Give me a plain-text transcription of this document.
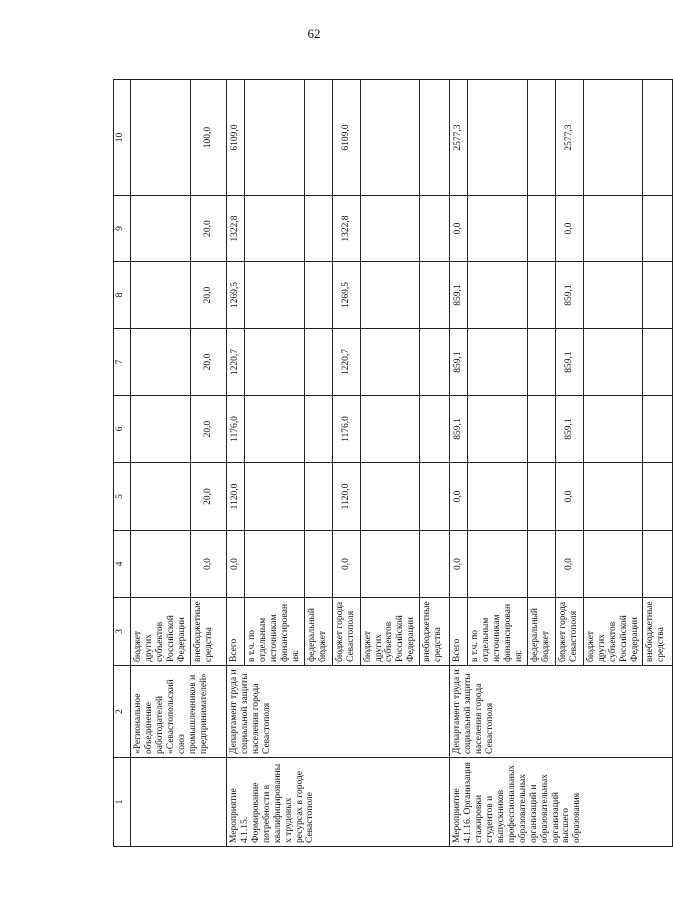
62
1	2	3	4	5	6	7	8	9	10
	«Региональное объединение работодателей «Севастопольский союз промышленников и предпринимателей»	бюджет других субъектов Российской Федерации							
		внебюджетные средства	0,0	20,0	20,0	20,0	20,0	20,0	100,0
Мероприятие 4.1.15. Формирование потребности в квалифицированных трудовых ресурсах в городе Севастополе	Департамент труда и социальной защиты населения города Севастополя	Всего	0,0	1120,0	1176,0	1220,7	1269,5	1322,8	6109,0
		в т.ч. по отдельным источникам финансирования:							
		федеральный бюджет							
		бюджет города Севастополя	0,0	1120,0	1176,0	1220,7	1269,5	1322,8	6109,0
		бюджет других субъектов Российской Федерации							
		внебюджетные средства							
Мероприятие 4.1.16. Организация стажировки студентов и выпускников профессиональных образовательных организаций и образовательных организаций высшего образования	Департамент труда и социальной защиты населения города Севастополя	Всего	0,0	0,0	859,1	859,1	859,1	0,0	2577,3
		в т.ч. по отдельным источникам финансирования:							
		федеральный бюджет							
		бюджет города Севастополя	0,0	0,0	859,1	859,1	859,1	0,0	2577,3
		бюджет других субъектов Российской Федерации							
		внебюджетные средства							
